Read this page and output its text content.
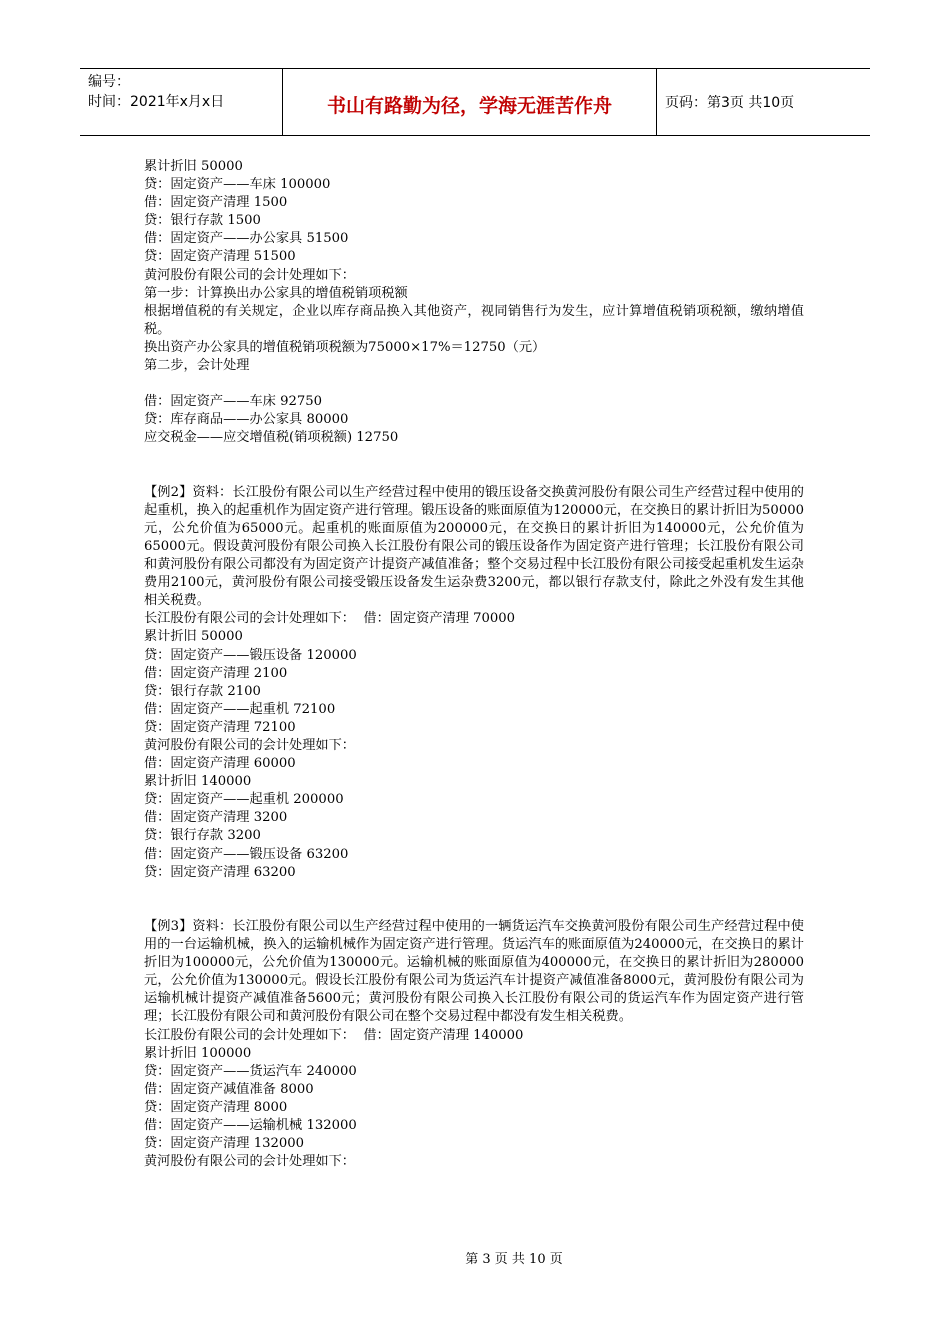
编号：
时间：2021年x月x日	书山有路勤为径，学海无涯苦作舟	页码：第3页 共10页
累计折旧 50000
贷：固定资产——车床 100000
借：固定资产清理 1500
贷：银行存款 1500
借：固定资产——办公家具 51500
贷：固定资产清理 51500
黄河股份有限公司的会计处理如下：
第一步：计算换出办公家具的增值税销项税额
根据增值税的有关规定，企业以库存商品换入其他资产，视同销售行为发生，应计算增值税销项税额，缴纳增值税。
换出资产办公家具的增值税销项税额为75000×17%＝12750（元）
第二步，会计处理
借：固定资产——车床 92750
贷：库存商品——办公家具 80000
应交税金——应交增值税(销项税额) 12750
【例2】资料：长江股份有限公司以生产经营过程中使用的锻压设备交换黄河股份有限公司生产经营过程中使用的起重机，换入的起重机作为固定资产进行管理。锻压设备的账面原值为120000元，在交换日的累计折旧为50000元，公允价值为65000元。起重机的账面原值为200000元，在交换日的累计折旧为140000元，公允价值为65000元。假设黄河股份有限公司换入长江股份有限公司的锻压设备作为固定资产进行管理；长江股份有限公司和黄河股份有限公司都没有为固定资产计提资产减值准备；整个交易过程中长江股份有限公司接受起重机发生运杂费用2100元，黄河股份有限公司接受锻压设备发生运杂费3200元，都以银行存款支付，除此之外没有发生其他相关税费。
长江股份有限公司的会计处理如下：  借：固定资产清理 70000
累计折旧 50000
贷：固定资产——锻压设备 120000
借：固定资产清理 2100
贷：银行存款 2100
借：固定资产——起重机 72100
贷：固定资产清理 72100
黄河股份有限公司的会计处理如下：
借：固定资产清理 60000
累计折旧 140000
贷：固定资产——起重机 200000
借：固定资产清理 3200
贷：银行存款 3200
借：固定资产——锻压设备 63200
贷：固定资产清理 63200
【例3】资料：长江股份有限公司以生产经营过程中使用的一辆货运汽车交换黄河股份有限公司生产经营过程中使用的一台运输机械，换入的运输机械作为固定资产进行管理。货运汽车的账面原值为240000元，在交换日的累计折旧为100000元，公允价值为130000元。运输机械的账面原值为400000元，在交换日的累计折旧为280000元，公允价值为130000元。假设长江股份有限公司为货运汽车计提资产减值准备8000元，黄河股份有限公司为运输机械计提资产减值准备5600元；黄河股份有限公司换入长江股份有限公司的货运汽车作为固定资产进行管理；长江股份有限公司和黄河股份有限公司在整个交易过程中都没有发生相关税费。
长江股份有限公司的会计处理如下：  借：固定资产清理 140000
累计折旧 100000
贷：固定资产——货运汽车 240000
借：固定资产减值准备 8000
贷：固定资产清理 8000
借：固定资产——运输机械 132000
贷：固定资产清理 132000
黄河股份有限公司的会计处理如下：
第 3 页 共 10 页
